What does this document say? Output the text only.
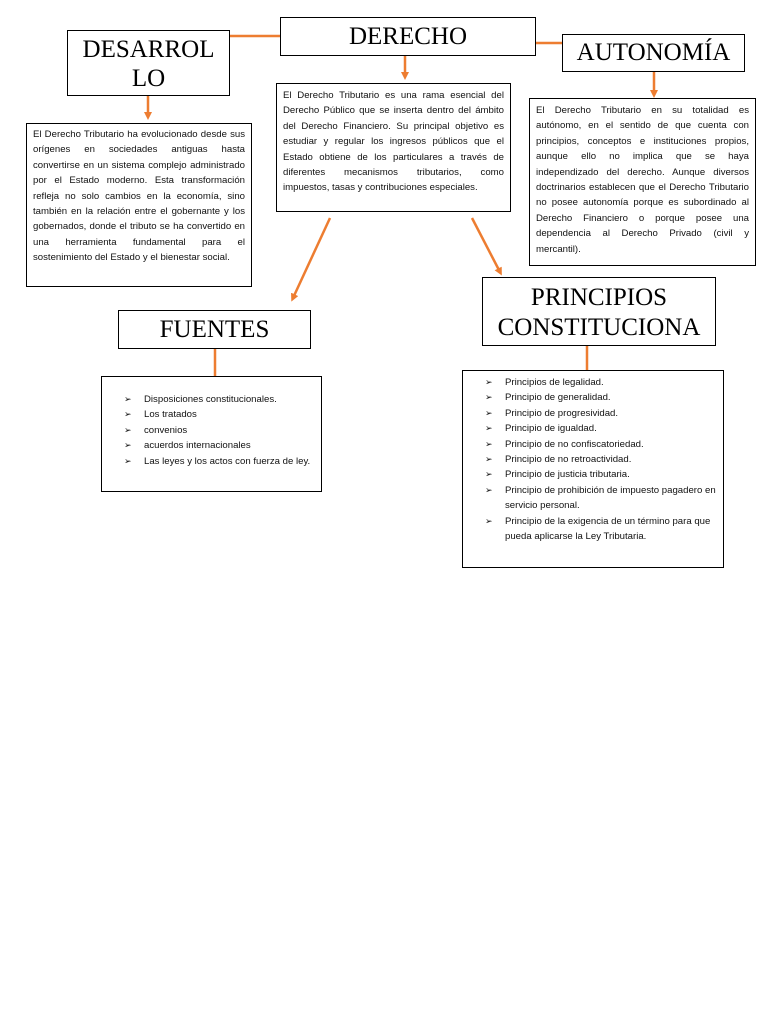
DERECHO
El Derecho Tributario es una rama esencial del Derecho Público que se inserta dentro del ámbito del Derecho Financiero. Su principal objetivo es estudiar y regular los ingresos públicos que el Estado obtiene de los particulares a través de diferentes mecanismos tributarios, como impuestos, tasas y contribuciones especiales.
DESARROL
LO
El Derecho Tributario ha evolucionado desde sus orígenes en sociedades antiguas hasta convertirse en un sistema complejo administrado por el Estado moderno. Esta transformación refleja no solo cambios en la economía, sino también en la relación entre el gobernante y los gobernados, donde el tributo se ha convertido en una herramienta fundamental para el sostenimiento del Estado y el bienestar social.
AUTONOMÍA
El Derecho Tributario en su totalidad es autónomo, en el sentido de que cuenta con principios, conceptos e instituciones propios, aunque ello no implica que se haya independizado del derecho. Aunque diversos doctrinarios establecen que el Derecho Tributario no posee autonomía porque es subordinado al Derecho Financiero o porque posee una dependencia al Derecho Privado (civil y mercantil).
FUENTES
➢ Disposiciones constitucionales.
➢ Los tratados
➢ convenios
➢ acuerdos internacionales
➢ Las leyes y los actos con fuerza de ley.
PRINCIPIOS
CONSTITUCIONA
➢ Principios de legalidad.
➢ Principio de generalidad.
➢ Principio de progresividad.
➢ Principio de igualdad.
➢ Principio de no confiscatoriedad.
➢ Principio de no retroactividad.
➢ Principio de justicia tributaria.
➢ Principio de prohibición de impuesto pagadero en servicio personal.
➢ Principio de la exigencia de un término para que pueda aplicarse la Ley Tributaria.
